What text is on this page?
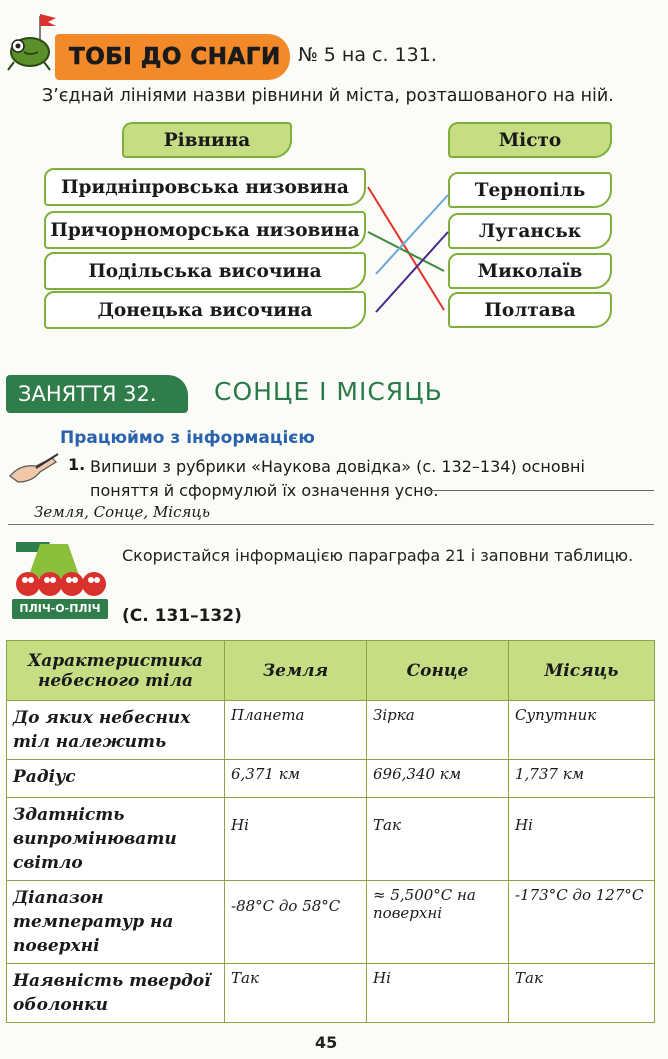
ТОБІ ДО СНАГИ № 5 на с. 131.
З’єднай лініями назви рівнини й міста, розташованого на ній.
Рівнина	Місто
Придніпровська низовина
Причорноморська низовина
Подільська височина
Донецька височина
Тернопіль
Луганськ
Миколаїв
Полтава
ЗАНЯТТЯ 32.	СОНЦЕ І МІСЯЦЬ
Працюймо з інформацією
1. Випиши з рубрики «Наукова довідка» (с. 132–134) основні поняття й сформулюй їх означення усно.
Земля, Сонце, Місяць
ПЛІЧ-О-ПЛІЧ
Скористайся інформацією параграфа 21 і заповни таблицю.
(С. 131–132)
Характеристика небесного тіла	Земля	Сонце	Місяць
До яких небесних тіл належить	Планета	Зірка	Супутник
Радіус	6,371 км	696,340 км	1,737 км
Здатність випромінювати світло	Ні	Так	Ні
Діапазон температур на поверхні	-88°C до 58°C	≈ 5,500°C на поверхні	-173°C до 127°C
Наявність твердої оболонки	Так	Ні	Так
45
